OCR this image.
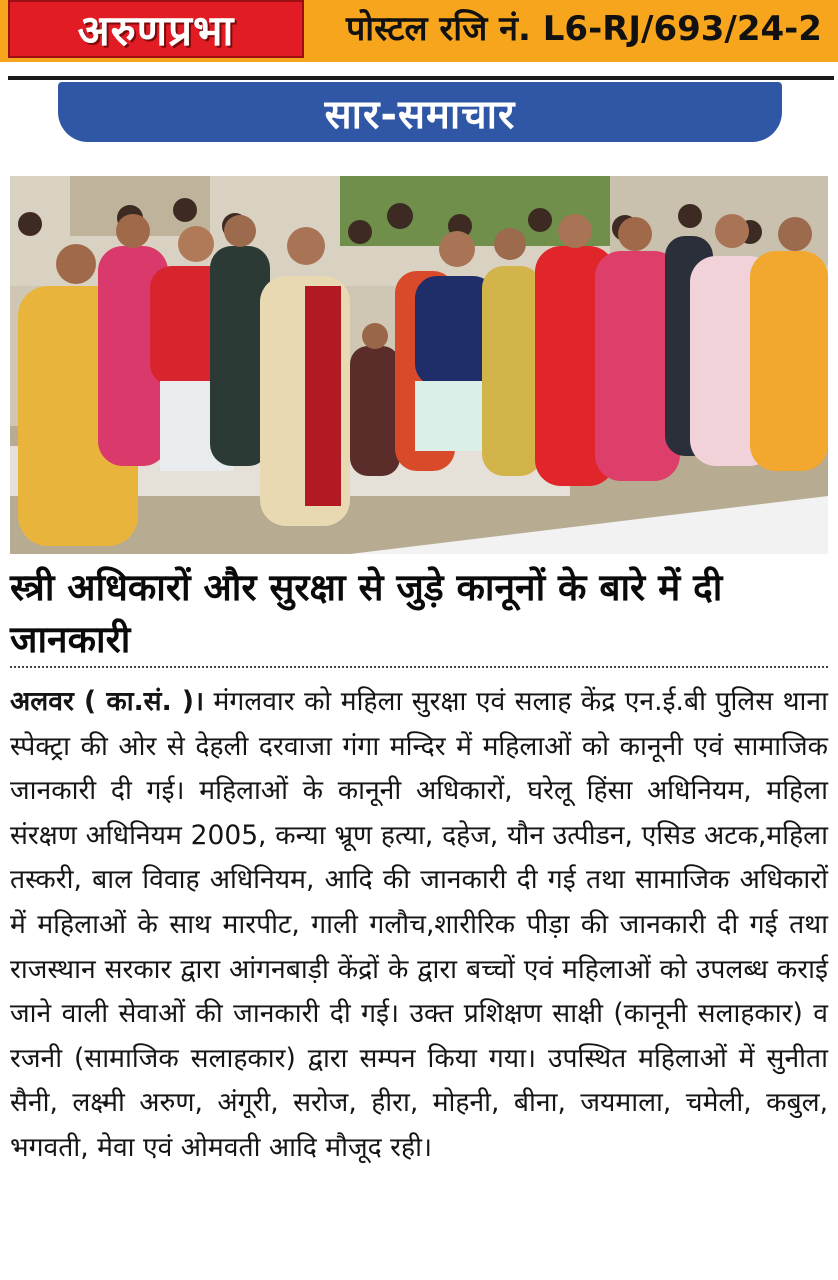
अरुणप्रभा	पोस्टल रजि नं. L6-RJ/693/24-2
सार-समाचार
स्त्री अधिकारों और सुरक्षा से जुड़े कानूनों के बारे में दी जानकारी

अलवर ( का.सं. )। मंगलवार को महिला सुरक्षा एवं सलाह केंद्र एन.ई.बी पुलिस थाना स्पेक्ट्रा की ओर से देहली दरवाजा गंगा मन्दिर में महिलाओं को कानूनी एवं सामाजिक जानकारी दी गई। महिलाओं के कानूनी अधिकारों, घरेलू हिंसा अधिनियम, महिला संरक्षण अधिनियम 2005, कन्या भ्रूण हत्या, दहेज, यौन उत्पीडन, एसिड अटक,महिला तस्करी, बाल विवाह अधिनियम, आदि की जानकारी दी गई तथा सामाजिक अधिकारों में महिलाओं के साथ मारपीट, गाली गलौच,शारीरिक पीड़ा की जानकारी दी गई तथा राजस्थान सरकार द्वारा आंगनबाड़ी केंद्रों के द्वारा बच्चों एवं महिलाओं को उपलब्ध कराई जाने वाली सेवाओं की जानकारी दी गई। उक्त प्रशिक्षण साक्षी (कानूनी सलाहकार) व रजनी (सामाजिक सलाहकार) द्वारा सम्पन किया गया। उपस्थित महिलाओं में सुनीता सैनी, लक्ष्मी अरुण, अंगूरी, सरोज, हीरा, मोहनी, बीना, जयमाला, चमेली, कबुल, भगवती, मेवा एवं ओमवती आदि मौजूद रही।
